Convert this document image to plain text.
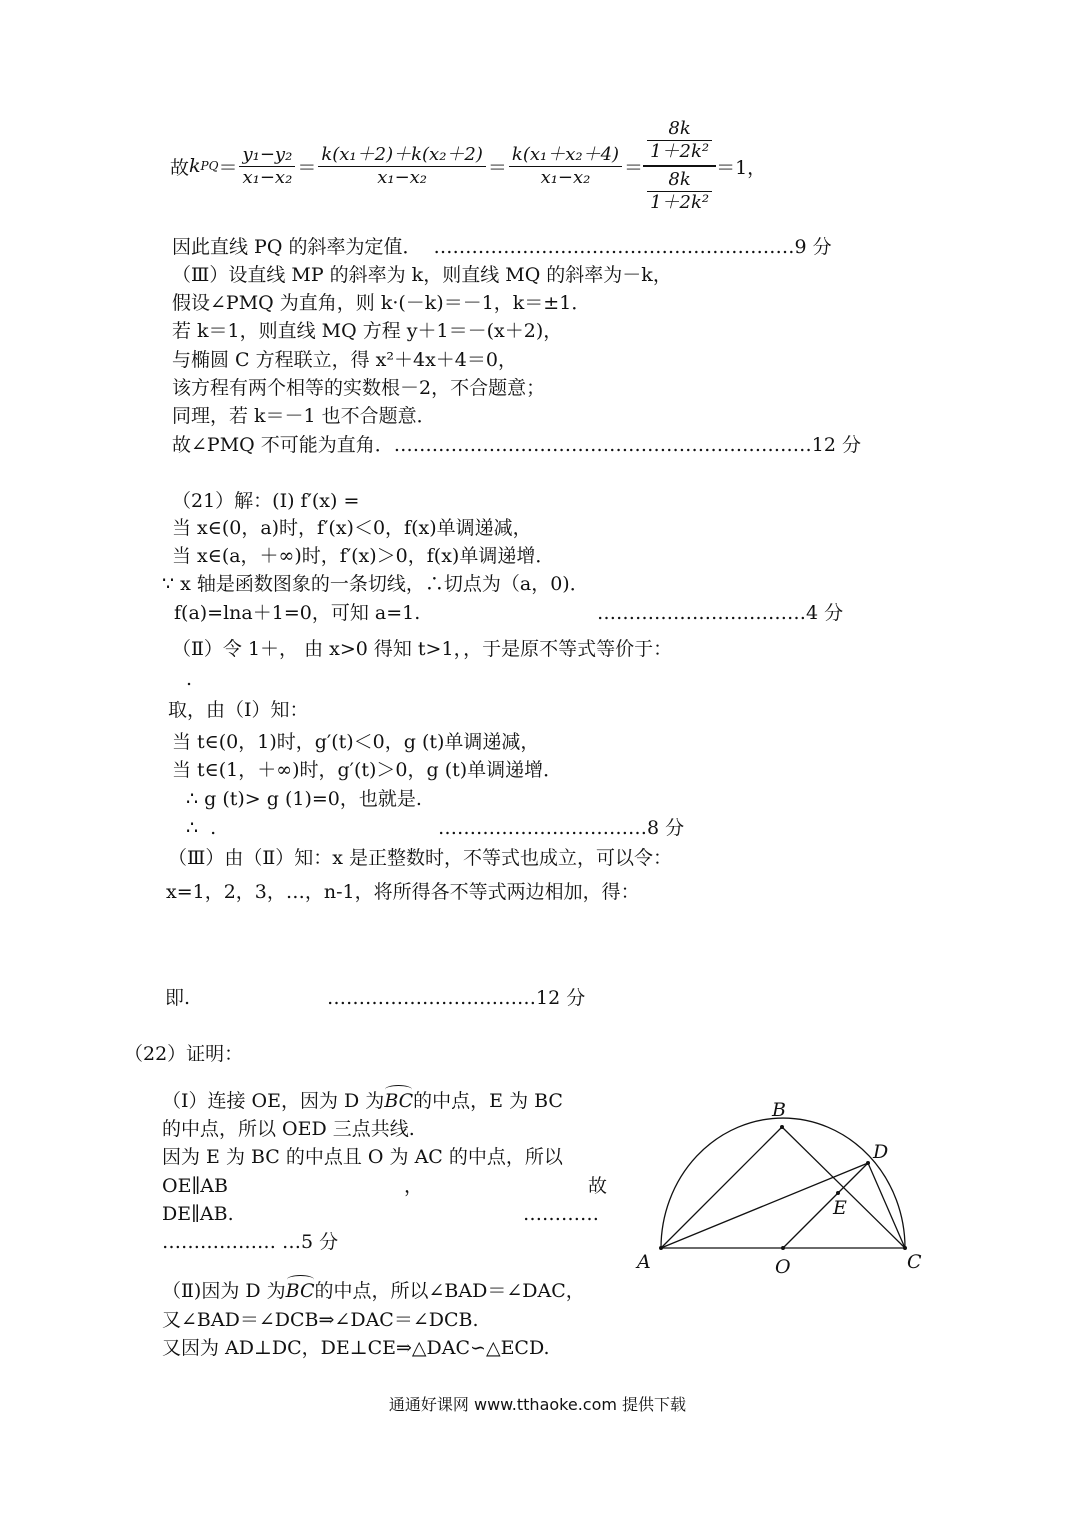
故 k PQ ＝ $\frac{\text{y₁−y₂}}{\text{x₁−x₂}} = \frac{\text{k(x₁＋2)＋k(x₂＋2)}}{\text{x₁−x₂}} = \frac{\text{k(x₁＋x₂＋4)}}{\text{x₁−x₂}} = \frac{\frac{8k}{\text{1＋2k²}}}{\frac{8k}{\text{1＋2k²}}} =1$，
因此直线 PQ 的斜率为定值．  …………………………………………………9 分
（Ⅲ）设直线 MP 的斜率为 k，则直线 MQ 的斜率为－k，
假设∠PMQ 为直角，则 k·(－k)＝－1，k＝±1．
若 k＝1，则直线 MQ 方程 y＋1＝－(x＋2)，
与椭圆 C 方程联立，得 x²＋4x＋4＝0，
该方程有两个相等的实数根－2，不合题意；
同理，若 k＝－1 也不合题意．
故∠PMQ 不可能为直角．…………………………………………………………12 分
（21）解：(Ⅰ) f′(x) =
当 x∈(0，a)时，f′(x)＜0，f(x)单调递减，
当 x∈(a，＋∞)时，f′(x)＞0，f(x)单调递增．
∵ x 轴是函数图象的一条切线，∴切点为（a，0)．
f(a)=lna＋1=0，可知 a=1.	……………………………4 分
（Ⅱ）令 1＋， 由 x>0 得知 t>1，，于是原不等式等价于：
.
取，由（I）知：
当 t∈(0，1)时，g′(t)＜0，g (t)单调递减，
当 t∈(1，＋∞)时，g′(t)＞0，g (t)单调递增．
∴ g (t)> g (1)=0，也就是.
∴  .	……………………………8 分
（Ⅲ）由（Ⅱ）知：x 是正整数时，不等式也成立，可以令：
x=1，2，3，…，n-1，将所得各不等式两边相加，得：
即.	……………………………12 分
（22）证明：
（Ⅰ）连接 OE，因为 D 为BC的中点，E 为 BC
的中点，所以 OED 三点共线.
因为 E 为 BC 的中点且 O 为 AC 的中点，所以
OE∥AB	，	故
DE∥AB.	…………
……………… …5 分
（Ⅱ)因为 D 为BC的中点，所以∠BAD＝∠DAC，
又∠BAD＝∠DCB⇒∠DAC＝∠DCB.
又因为 AD⊥DC，DE⊥CE⇒△DAC∽△ECD.
B
D
E
A	O	C
通通好课网 www.tthaoke.com 提供下载
